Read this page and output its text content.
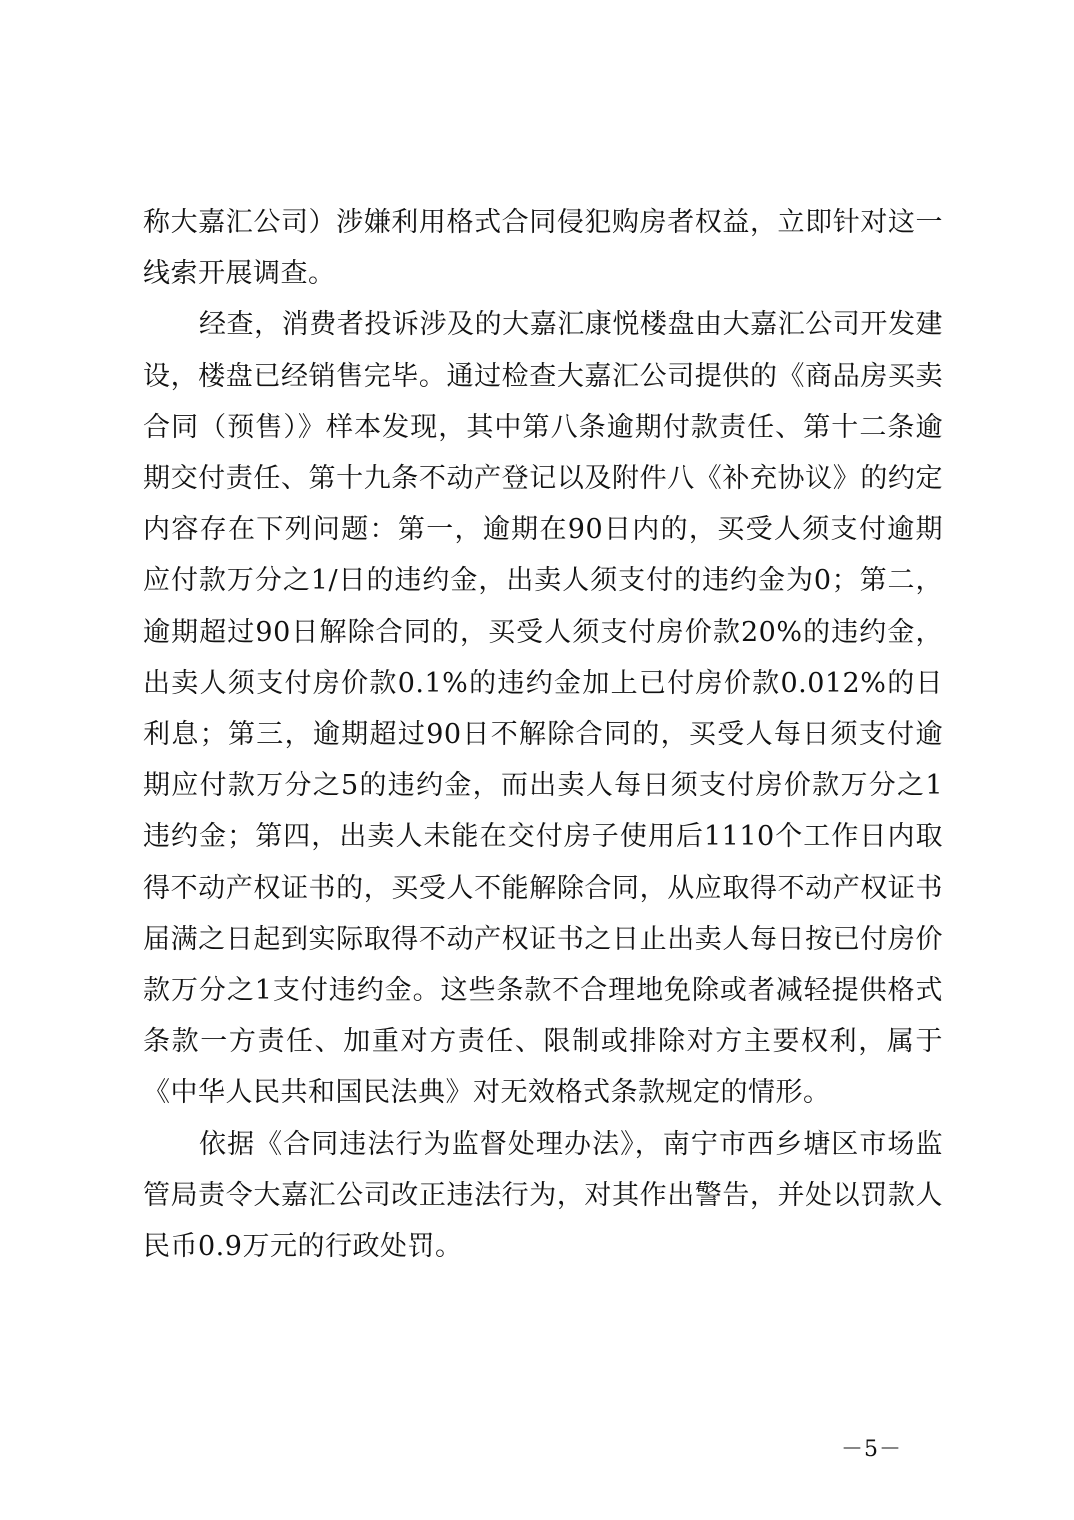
称大嘉汇公司）涉嫌利用格式合同侵犯购房者权益，立即针对这一线索开展调查。

经查，消费者投诉涉及的大嘉汇康悦楼盘由大嘉汇公司开发建设，楼盘已经销售完毕。通过检查大嘉汇公司提供的《商品房买卖合同（预售）》样本发现，其中第八条逾期付款责任、第十二条逾期交付责任、第十九条不动产登记以及附件八《补充协议》的约定内容存在下列问题：第一，逾期在90日内的，买受人须支付逾期应付款万分之1/日的违约金，出卖人须支付的违约金为0；第二，逾期超过90日解除合同的，买受人须支付房价款20%的违约金，出卖人须支付房价款0.1%的违约金加上已付房价款0.012%的日利息；第三，逾期超过90日不解除合同的，买受人每日须支付逾期应付款万分之5的违约金，而出卖人每日须支付房价款万分之1违约金；第四，出卖人未能在交付房子使用后1110个工作日内取得不动产权证书的，买受人不能解除合同，从应取得不动产权证书届满之日起到实际取得不动产权证书之日止出卖人每日按已付房价款万分之1支付违约金。这些条款不合理地免除或者减轻提供格式条款一方责任、加重对方责任、限制或排除对方主要权利，属于《中华人民共和国民法典》对无效格式条款规定的情形。

依据《合同违法行为监督处理办法》，南宁市西乡塘区市场监管局责令大嘉汇公司改正违法行为，对其作出警告，并处以罚款人民币0.9万元的行政处罚。

－5－
